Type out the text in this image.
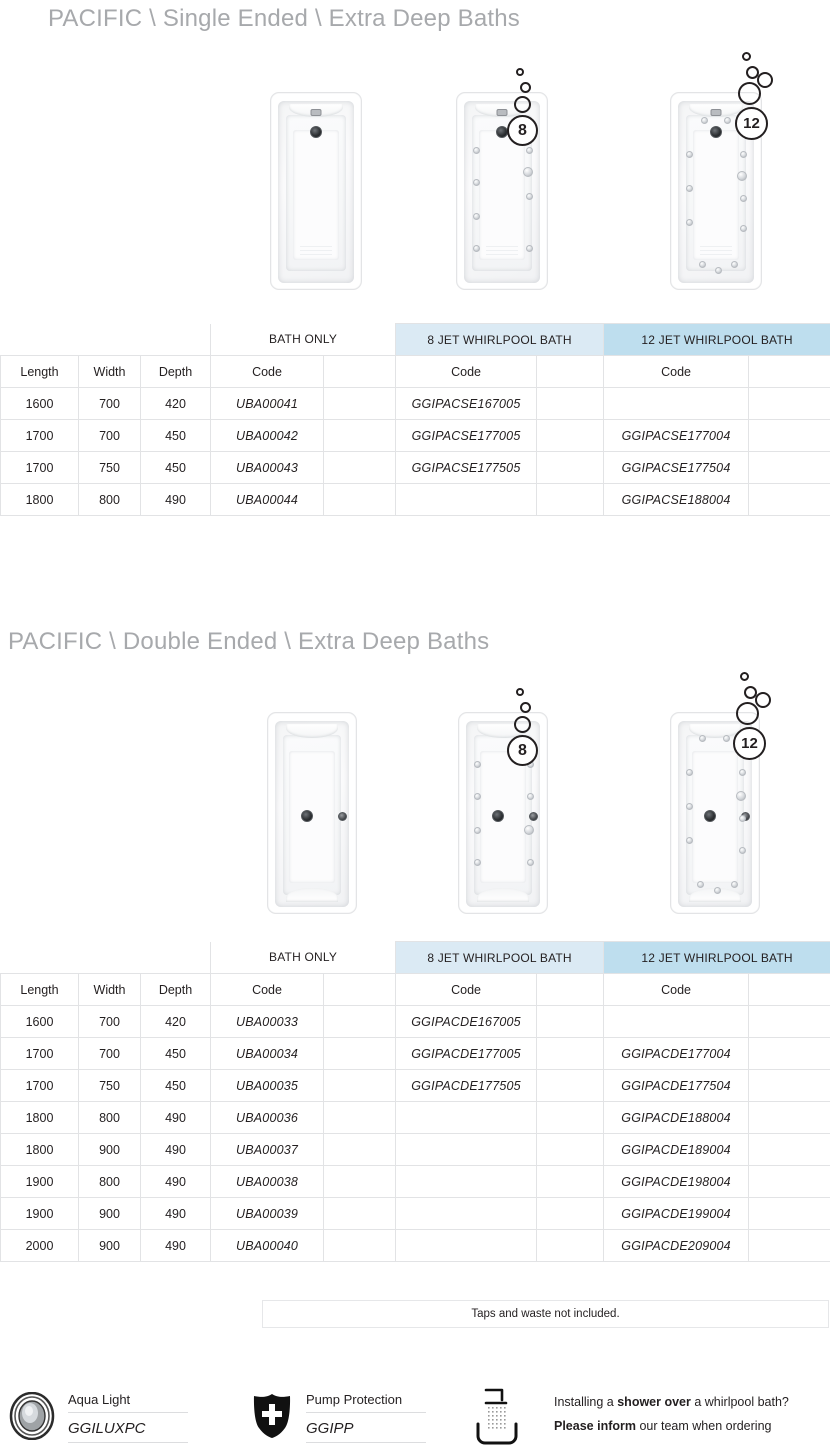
PACIFIC \ Single Ended \ Extra Deep Baths
8	12
			BATH ONLY		8 JET WHIRLPOOL BATH		12 JET WHIRLPOOL BATH	
Length	Width	Depth	Code		Code		Code	
1600	700	420	UBA00041		GGIPACSE167005			
1700	700	450	UBA00042		GGIPACSE177005		GGIPACSE177004	
1700	750	450	UBA00043		GGIPACSE177505		GGIPACSE177504	
1800	800	490	UBA00044				GGIPACSE188004	
PACIFIC \ Double Ended \ Extra Deep Baths
8	12
			BATH ONLY		8 JET WHIRLPOOL BATH		12 JET WHIRLPOOL BATH	
Length	Width	Depth	Code		Code		Code	
1600	700	420	UBA00033		GGIPACDE167005			
1700	700	450	UBA00034		GGIPACDE177005		GGIPACDE177004	
1700	750	450	UBA00035		GGIPACDE177505		GGIPACDE177504	
1800	800	490	UBA00036				GGIPACDE188004	
1800	900	490	UBA00037				GGIPACDE189004	
1900	800	490	UBA00038				GGIPACDE198004	
1900	900	490	UBA00039				GGIPACDE199004	
2000	900	490	UBA00040				GGIPACDE209004	
Taps and waste not included.
Aqua Light
GGILUXPC
Pump Protection
GGIPP
Installing a shower over a whirlpool bath?
Please inform our team when ordering
